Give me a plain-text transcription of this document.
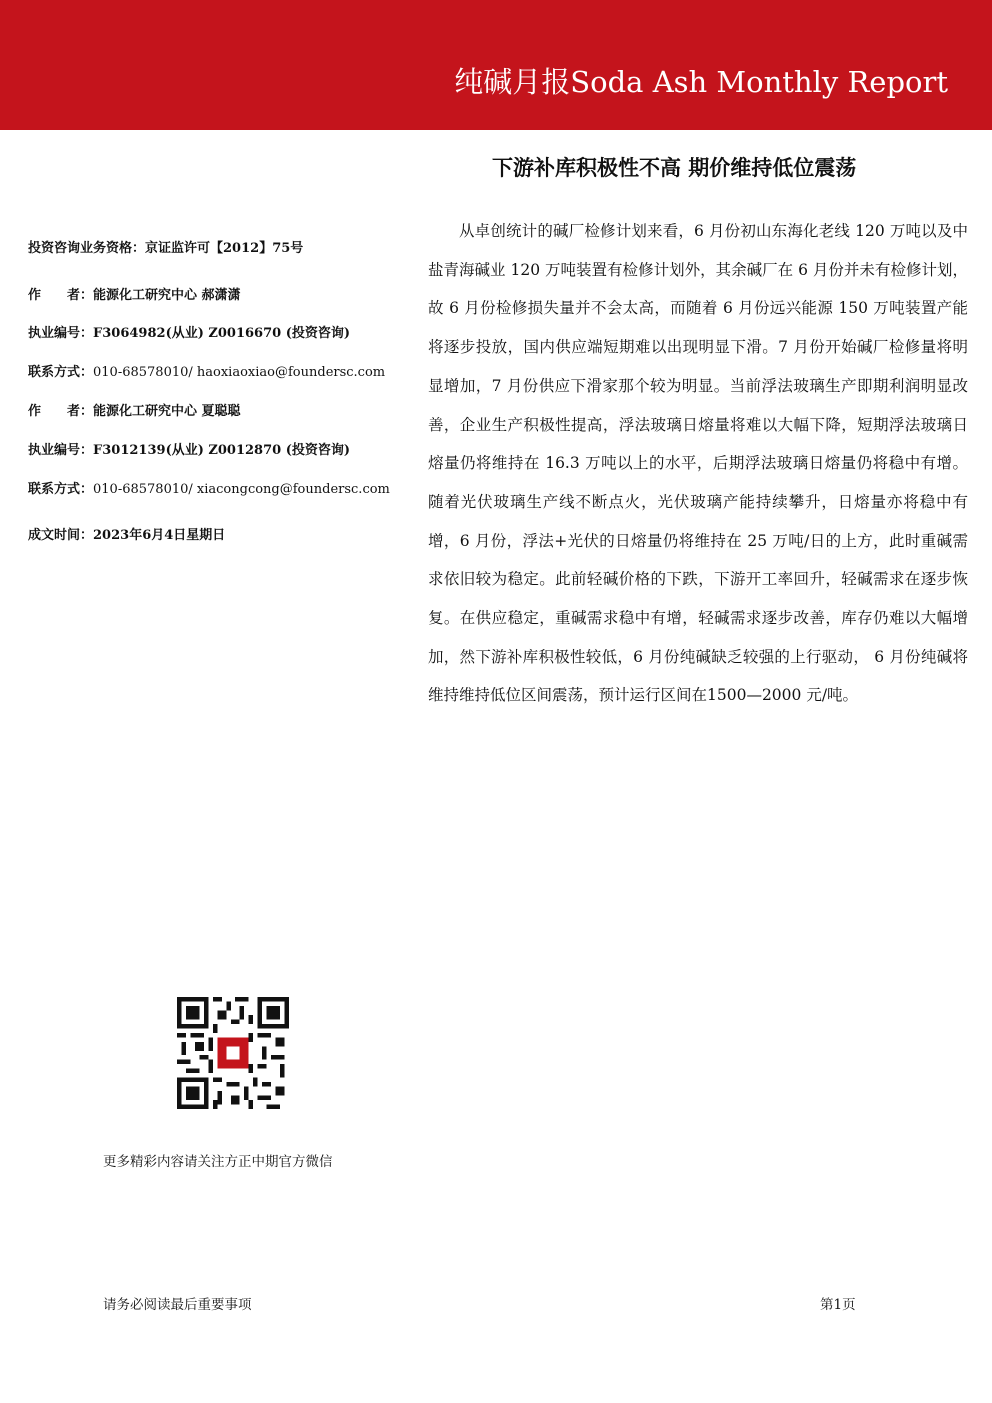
纯碱月报Soda Ash Monthly Report
下游补库积极性不高 期价维持低位震荡
投资咨询业务资格：京证监许可【2012】75号
作　　者：能源化工研究中心 郝潇潇
执业编号：F3064982(从业) Z0016670 (投资咨询)
联系方式：010-68578010/ haoxiaoxiao@foundersc.com
作　　者：能源化工研究中心 夏聪聪
执业编号：F3012139(从业) Z0012870 (投资咨询)
联系方式：010-68578010/ xiacongcong@foundersc.com
成文时间：2023年6月4日星期日

从卓创统计的碱厂检修计划来看，6 月份初山东海化老线 120 万吨以及中盐青海碱业 120 万吨装置有检修计划外，其余碱厂在 6 月份并未有检修计划，故 6 月份检修损失量并不会太高，而随着 6 月份远兴能源 150 万吨装置产能将逐步投放，国内供应端短期难以出现明显下滑。7 月份开始碱厂检修量将明显增加，7 月份供应下滑家那个较为明显。当前浮法玻璃生产即期利润明显改善，企业生产积极性提高，浮法玻璃日熔量将难以大幅下降，短期浮法玻璃日熔量仍将维持在 16.3 万吨以上的水平，后期浮法玻璃日熔量仍将稳中有增。随着光伏玻璃生产线不断点火，光伏玻璃产能持续攀升，日熔量亦将稳中有增，6 月份，浮法+光伏的日熔量仍将维持在 25 万吨/日的上方，此时重碱需求依旧较为稳定。此前轻碱价格的下跌，下游开工率回升，轻碱需求在逐步恢复。在供应稳定，重碱需求稳中有增，轻碱需求逐步改善，库存仍难以大幅增加，然下游补库积极性较低，6 月份纯碱缺乏较强的上行驱动， 6 月份纯碱将维持维持低位区间震荡，预计运行区间在1500—2000 元/吨。

更多精彩内容请关注方正中期官方微信
请务必阅读最后重要事项	第1页
